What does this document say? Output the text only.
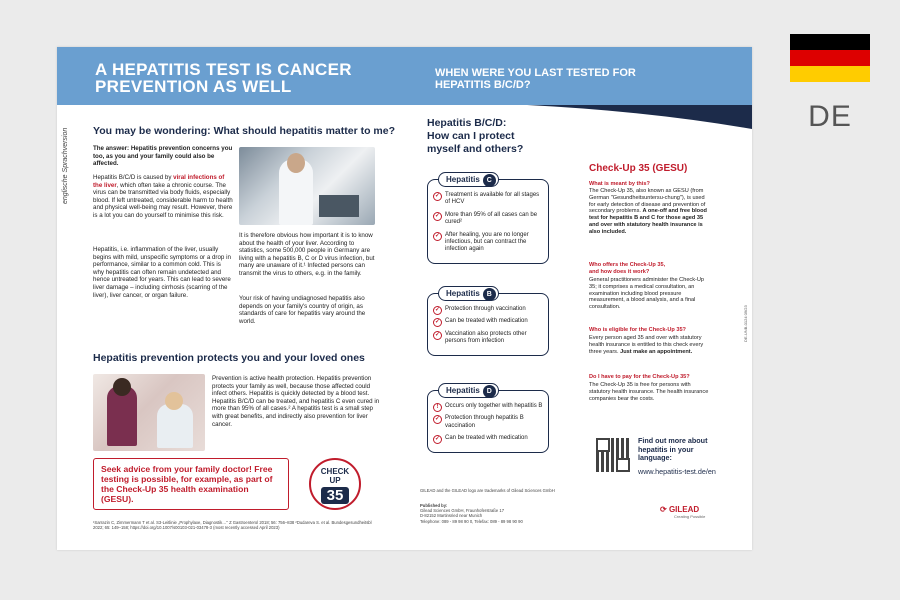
DE
A HEPATITIS TEST IS CANCER
PREVENTION AS WELL
WHEN WERE YOU LAST TESTED FOR
HEPATITIS B/C/D?
englische Sprachversion You may be wondering: What should hepatitis matter to me?
The answer: Hepatitis prevention concerns you too, as you and your family could also be affected.
Hepatitis B/C/D is caused by viral infections of the liver, which often take a chronic course. The virus can be transmitted via body fluids, especially blood. If left untreated, considerable harm to health and physical well-being may result. However, there is a lot you can do yourself to minimise this risk.
Hepatitis, i.e. inflammation of the liver, usually begins with mild, unspecific symptoms or a drop in performance, similar to a common cold. This is why hepatitis can often remain undetected and hence untreated for years. This can lead to severe liver damage – including cirrhosis (scarring of the liver), liver cancer, or organ failure.
It is therefore obvious how important it is to know about the health of your liver. According to statistics, some 500,000 people in Germany are living with a hepatitis B, C or D virus infection, but many are unaware of it.¹ Infected persons can transmit the virus to others, e.g. in the family.
Your risk of having undiagnosed hepatitis also depends on your family's country of origin, as standards of care for hepatitis vary around the world.
Hepatitis prevention protects you and your loved ones
Prevention is active health protection. Hepatitis prevention protects your family as well, because those affected could infect others. Hepatitis is quickly detected by a blood test. Hepatitis B/C/D can be treated, and hepatitis C even cured in more than 95% of all cases.² A hepatitis test is a small step with great benefits, and indirectly also prevention for liver cancer.
Seek advice from your family doctor! Free testing is possible, for example, as part of the Check-Up 35 health examination (GESU).
CHECK
UP
35
¹Sarrazin C, Zimmermann T et al. S3-Leitlinie „Prophylaxe, Diagnostik…" Z Gastroenterol 2018; 56: 756–838 ²Dudareva S. et al. Bundesgesundheitsbl 2022; 65: 149–158; https://doi.org/10.1007/s00103-021-03478-3 (most recently accessed April 2023)
Hepatitis B/C/D:
How can I protect
myself and others?
Hepatitis C
✓ Treatment is available for all stages of HCV
✓ More than 95% of all cases can be cured²
✓ After healing, you are no longer infectious, but can contract the infection again
Hepatitis B
✓ Protection through vaccination
✓ Can be treated with medication
✓ Vaccination also protects other persons from infection
Hepatitis D
!	Occurs only together with hepatitis B
✓ Protection through hepatitis B vaccination
✓ Can be treated with medication
GILEAD and the GILEAD logo are trademarks of Gilead Sciences GmbH
Published by:
Gilead Sciences GmbH, Fraunhoferstraße 17
D-82152 Martinsried near Munich
Telephone: 089 - 89 98 90 0, Telefax: 089 - 89 98 90 90
Check-Up 35 (GESU)
What is meant by this?
The Check-Up 35, also known as GESU (from German "Gesundheitsuntersu-chung"), is used for early detection of disease and prevention of secondary problems. A one-off and free blood test for hepatitis B and C for those aged 35 and over with statutory health insurance is also included.
Who offers the Check-Up 35,
and how does it work?
General practitioners administer the Check-Up 35; it comprises a medical consultation, an examination including blood pressure measurement, a blood analysis, and a final consultation.
Who is eligible for the Check-Up 35?
Every person aged 35 and over with statutory health insurance is entitled to this check every three years. Just make an appointment.
Do I have to pay for the Check-Up 35?
The Check-Up 35 is free for persons with statutory health insurance. The health insurance companies bear the costs.
Find out more about
hepatitis in your
language:
www.hepatitis-test.de/en
⟳ GILEAD
Creating Possible
DE-UNB-0124 09/23
